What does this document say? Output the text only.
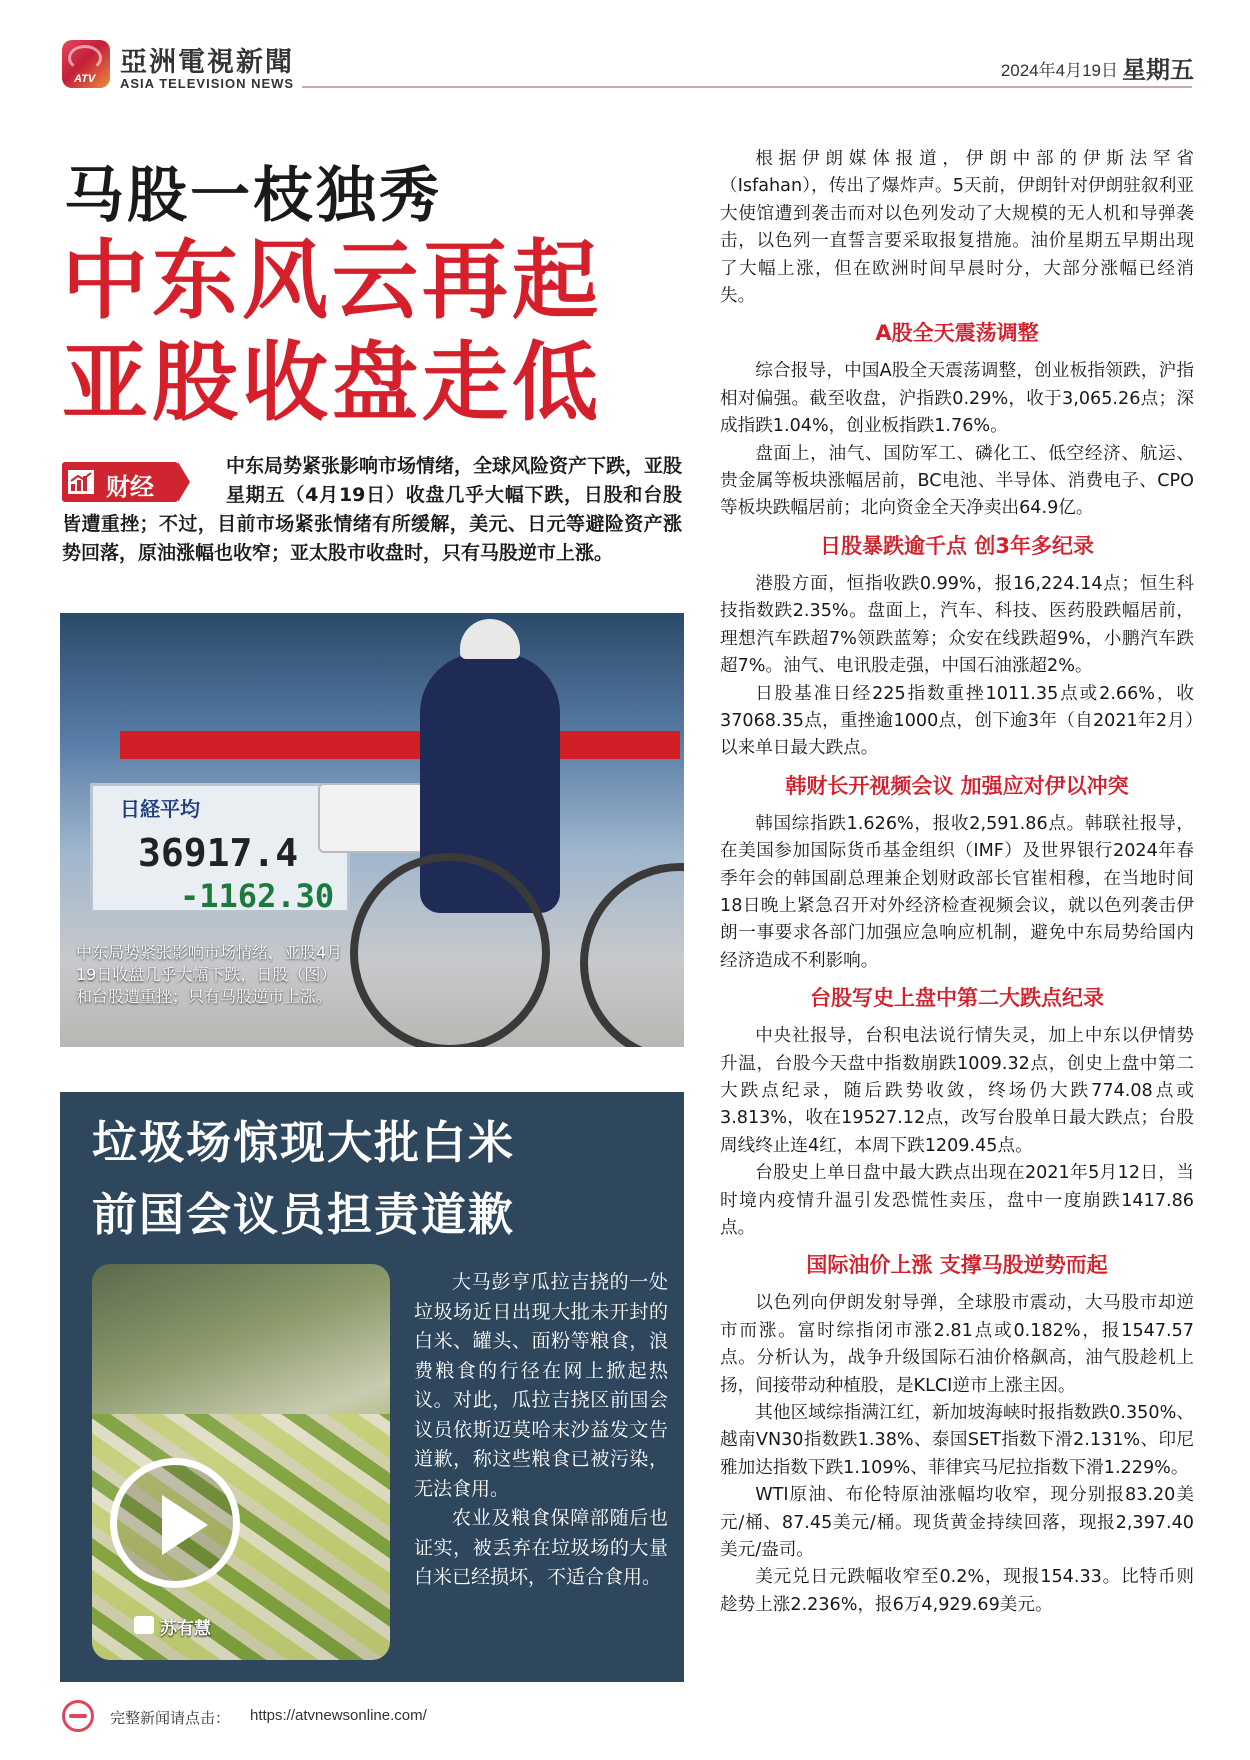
ATV
亞洲電視新聞
ASIA TELEVISION NEWS
2024年4月19日 星期五
马股一枝独秀
中东风云再起
亚股收盘走低
中东局势紧张影响市场情绪，全球风险资产下跌，亚股星期五（4月19日）收盘几乎大幅下跌，日股和台股皆遭重挫；不过，目前市场紧张情绪有所缓解，美元、日元等避险资产涨势回落，原油涨幅也收窄；亚太股市收盘时，只有马股逆市上涨。
财经
日経平均
36917.4
-1162.30
中东局势紧张影响市场情绪，亚股4月19日收盘几乎大幅下跌，日股（图）和台股遭重挫；只有马股逆市上涨。
垃圾场惊现大批白米
前国会议员担责道歉
苏有慧

大马彭亨瓜拉吉挠的一处垃圾场近日出现大批未开封的白米、罐头、面粉等粮食，浪费粮食的行径在网上掀起热议。对此，瓜拉吉挠区前国会议员依斯迈莫哈末沙益发文告道歉，称这些粮食已被污染，无法食用。

农业及粮食保障部随后也证实，被丢弃在垃圾场的大量白米已经损坏，不适合食用。

根据伊朗媒体报道，伊朗中部的伊斯法罕省（Isfahan），传出了爆炸声。5天前，伊朗针对伊朗驻叙利亚大使馆遭到袭击而对以色列发动了大规模的无人机和导弹袭击，以色列一直誓言要采取报复措施。油价星期五早期出现了大幅上涨，但在欧洲时间早晨时分，大部分涨幅已经消失。

A股全天震荡调整

综合报导，中国A股全天震荡调整，创业板指领跌，沪指相对偏强。截至收盘，沪指跌0.29%，收于3,065.26点；深成指跌1.04%，创业板指跌1.76%。

盘面上，油气、国防军工、磷化工、低空经济、航运、贵金属等板块涨幅居前，BC电池、半导体、消费电子、CPO等板块跌幅居前；北向资金全天净卖出64.9亿。

日股暴跌逾千点 创3年多纪录

港股方面，恒指收跌0.99%，报16,224.14点；恒生科技指数跌2.35%。盘面上，汽车、科技、医药股跌幅居前，理想汽车跌超7%领跌蓝筹；众安在线跌超9%，小鹏汽车跌超7%。油气、电讯股走强，中国石油涨超2%。

日股基准日经225指数重挫1011.35点或2.66%，收37068.35点，重挫逾1000点，创下逾3年（自2021年2月）以来单日最大跌点。

韩财长开视频会议 加强应对伊以冲突

韩国综指跌1.626%，报收2,591.86点。韩联社报导，在美国参加国际货币基金组织（IMF）及世界银行2024年春季年会的韩国副总理兼企划财政部长官崔相穆，在当地时间18日晚上紧急召开对外经济检查视频会议，就以色列袭击伊朗一事要求各部门加强应急响应机制，避免中东局势给国内经济造成不利影响。

台股写史上盘中第二大跌点纪录

中央社报导，台积电法说行情失灵，加上中东以伊情势升温，台股今天盘中指数崩跌1009.32点，创史上盘中第二大跌点纪录，随后跌势收敛，终场仍大跌774.08点或3.813%，收在19527.12点，改写台股单日最大跌点；台股周线终止连4红，本周下跌1209.45点。

台股史上单日盘中最大跌点出现在2021年5月12日，当时境内疫情升温引发恐慌性卖压，盘中一度崩跌1417.86点。

国际油价上涨 支撑马股逆势而起

以色列向伊朗发射导弹，全球股市震动，大马股市却逆市而涨。富时综指闭市涨2.81点或0.182%，报1547.57点。分析认为，战争升级国际石油价格飙高，油气股趁机上扬，间接带动种植股，是KLCI逆市上涨主因。

其他区域综指满江红，新加坡海峡时报指数跌0.350%、越南VN30指数跌1.38%、泰国SET指数下滑2.131%、印尼雅加达指数下跌1.109%、菲律宾马尼拉指数下滑1.229%。

WTI原油、布伦特原油涨幅均收窄，现分别报83.20美元/桶、87.45美元/桶。现货黄金持续回落，现报2,397.40美元/盎司。

美元兑日元跌幅收窄至0.2%，现报154.33。比特币则趁势上涨2.236%，报6万4,929.69美元。

完整新闻请点击： https://atvnewsonline.com/
